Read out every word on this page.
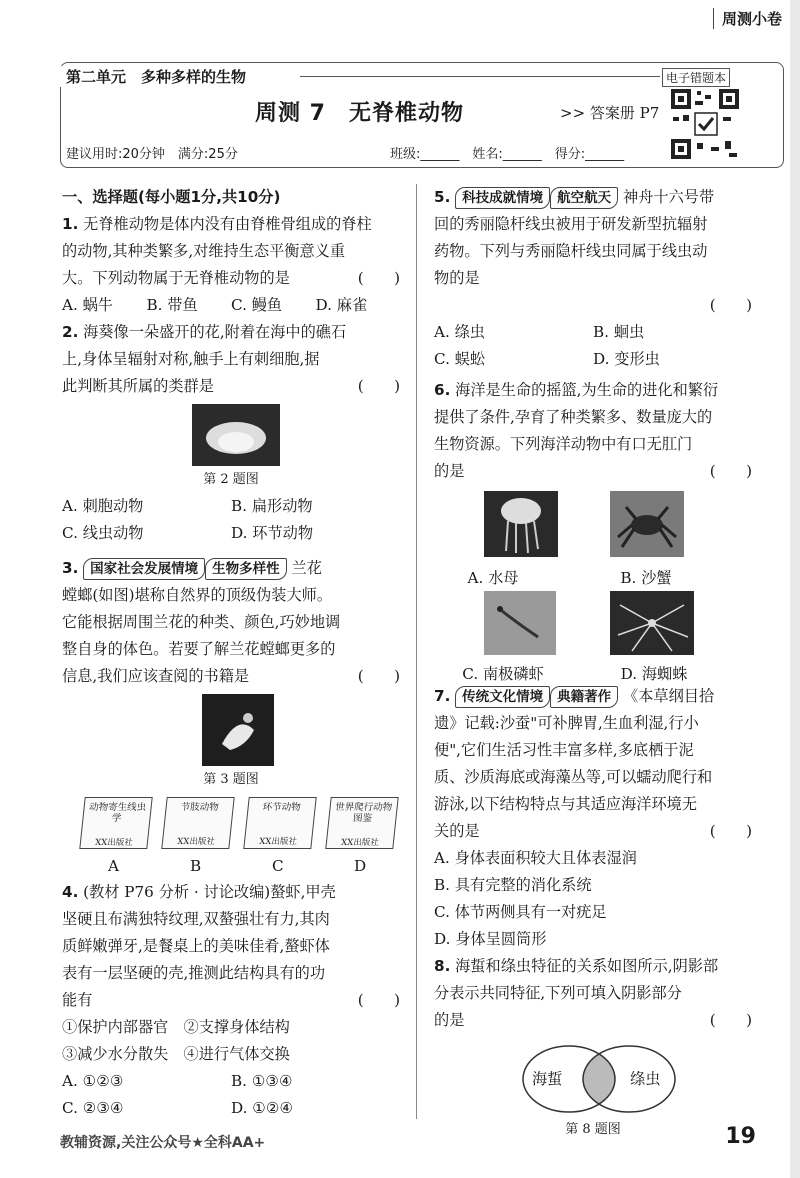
周测小卷
第二单元　多种多样的生物
周测 7　无脊椎动物	>> 答案册 P7
电子错题本
建议用时:20分钟　满分:25分	班级:______　姓名:______　得分:______

一、选择题(每小题1分,共10分)

1. 无脊椎动物是体内没有由脊椎骨组成的脊柱

的动物,其种类繁多,对维持生态平衡意义重

大。下列动物属于无脊椎动物的是	(　　)

A. 蜗牛	B. 带鱼	C. 鳗鱼	D. 麻雀

2. 海葵像一朵盛开的花,附着在海中的礁石

上,身体呈辐射对称,触手上有刺细胞,据

此判断其所属的类群是	(　　)

第 2 题图

A. 刺胞动物	B. 扁形动物

C. 线虫动物	D. 环节动物

3. 国家社会发展情境 生物多样性 兰花

螳螂(如图)堪称自然界的顶级伪装大师。

它能根据周围兰花的种类、颜色,巧妙地调

整自身的体色。若要了解兰花螳螂更多的

信息,我们应该查阅的书籍是	(　　)

第 3 题图

动物寄生线虫学
XX出版社
节肢动物
XX出版社
环节动物
XX出版社
世界爬行动物图鉴
XX出版社
A	B	C	D

4. (教材 P76 分析 · 讨论改编)螯虾,甲壳

坚硬且布满独特纹理,双螯强壮有力,其肉

质鲜嫩弹牙,是餐桌上的美味佳肴,螯虾体

表有一层坚硬的壳,推测此结构具有的功

能有	(　　)

①保护内部器官　②支撑身体结构

③减少水分散失　④进行气体交换

A. ①②③	B. ①③④

C. ②③④	D. ①②④

5. 科技成就情境 航空航天 神舟十六号带

回的秀丽隐杆线虫被用于研发新型抗辐射

药物。下列与秀丽隐杆线虫同属于线虫动

物的是

(　　)

A. 绦虫	B. 蛔虫

C. 蜈蚣	D. 变形虫

6. 海洋是生命的摇篮,为生命的进化和繁衍

提供了条件,孕育了种类繁多、数量庞大的

生物资源。下列海洋动物中有口无肛门

的是	(　　)

A. 水母	B. 沙蟹
C. 南极磷虾	D. 海蜘蛛

7. 传统文化情境 典籍著作 《本草纲目拾

遗》记载:沙蚕"可补脾胃,生血利湿,行小

便",它们生活习性丰富多样,多底栖于泥

质、沙质海底或海藻丛等,可以蠕动爬行和

游泳,以下结构特点与其适应海洋环境无

关的是	(　　)

A. 身体表面积较大且体表湿润

B. 具有完整的消化系统

C. 体节两侧具有一对疣足

D. 身体呈圆筒形

8. 海蜇和绦虫特征的关系如图所示,阴影部

分表示共同特征,下列可填入阴影部分

的是	(　　)

海蜇	绦虫

第 8 题图

教辅资源,关注公众号★全科AA+	19
